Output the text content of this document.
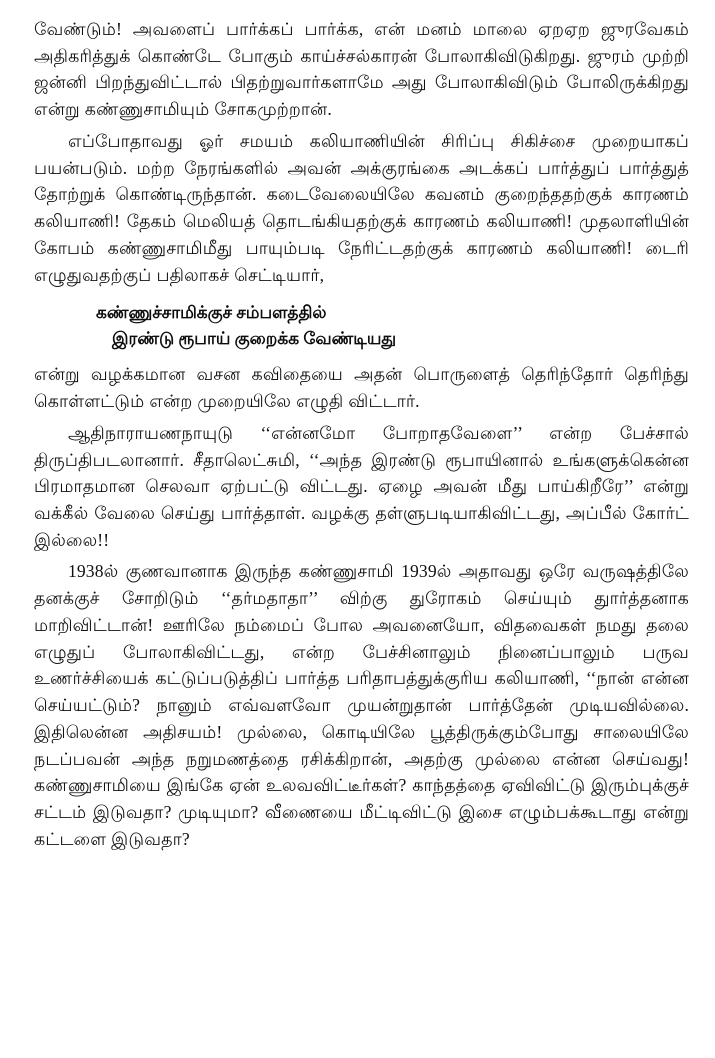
வேண்டும்! அவளைப் பார்க்கப் பார்க்க, என் மனம் மாலை ஏறஏற ஜுரவேகம் அதிகரித்துக் கொண்டே போகும் காய்ச்சல்காரன் போலாகிவிடுகிறது. ஜுரம் முற்றி ஜன்னி பிறந்துவிட்டால் பிதற்றுவார்களாமே அது போலாகிவிடும் போலிருக்கிறது என்று கண்ணுசாமியும் சோகமுற்றான்.

எப்போதாவது ஓர் சமயம் கலியாணியின் சிரிப்பு சிகிச்சை முறையாகப் பயன்படும். மற்ற நேரங்களில் அவன் அக்குரங்கை அடக்கப் பார்த்துப் பார்த்துத் தோற்றுக் கொண்டிருந்தான். கடைவேலையிலே கவனம் குறைந்ததற்குக் காரணம் கலியாணி! தேகம் மெலியத் தொடங்கியதற்குக் காரணம் கலியாணி! முதலாளியின் கோபம் கண்ணுசாமிமீது பாயும்படி நேரிட்டதற்குக் காரணம் கலியாணி! டைரி எழுதுவதற்குப் பதிலாகச் செட்டியார்,

கண்ணுச்சாமிக்குச் சம்பளத்தில்
இரண்டு ரூபாய் குறைக்க வேண்டியது

என்று வழக்கமான வசன கவிதையை அதன் பொருளைத் தெரிந்தோர் தெரிந்து கொள்ளட்டும் என்ற முறையிலே எழுதி விட்டார்.

ஆதிநாராயணநாயுடு ‘‘என்னமோ போறாதவேளை’’ என்ற பேச்சால் திருப்திபடலானார். சீதாலெட்சுமி, ‘‘அந்த இரண்டு ரூபாயினால் உங்களுக்கென்ன பிரமாதமான செலவா ஏற்பட்டு விட்டது. ஏழை அவன் மீது பாய்கிறீரே’’ என்று வக்கீல் வேலை செய்து பார்த்தாள். வழக்கு தள்ளுபடியாகிவிட்டது, அப்பீல் கோர்ட் இல்லை!!

1938ல் குணவானாக இருந்த கண்ணுசாமி 1939ல் அதாவது ஒரே வருஷத்திலே தனக்குச் சோறிடும் ‘‘தர்மதாதா’’ விற்கு துரோகம் செய்யும் துார்த்தனாக மாறிவிட்டான்! ஊரிலே நம்மைப் போல அவனையோ, விதவைகள் நமது தலை எழுதுப் போலாகிவிட்டது, என்ற பேச்சினாலும் நினைப்பாலும் பருவ உணர்ச்சியைக் கட்டுப்படுத்திப் பார்த்த பரிதாபத்துக்குரிய கலியாணி, ‘‘நான் என்ன செய்யட்டும்? நானும் எவ்வளவோ முயன்றுதான் பார்த்தேன் முடியவில்லை. இதிலென்ன அதிசயம்! முல்லை, கொடியிலே பூத்திருக்கும்போது சாலையிலே நடப்பவன் அந்த நறுமணத்தை ரசிக்கிறான், அதற்கு முல்லை என்ன செய்வது! கண்ணுசாமியை இங்கே ஏன் உலவவிட்டீர்கள்? காந்தத்தை ஏவிவிட்டு இரும்புக்குச் சட்டம் இடுவதா? முடியுமா? வீணையை மீட்டிவிட்டு இசை எழும்பக்கூடாது என்று கட்டளை இடுவதா?
